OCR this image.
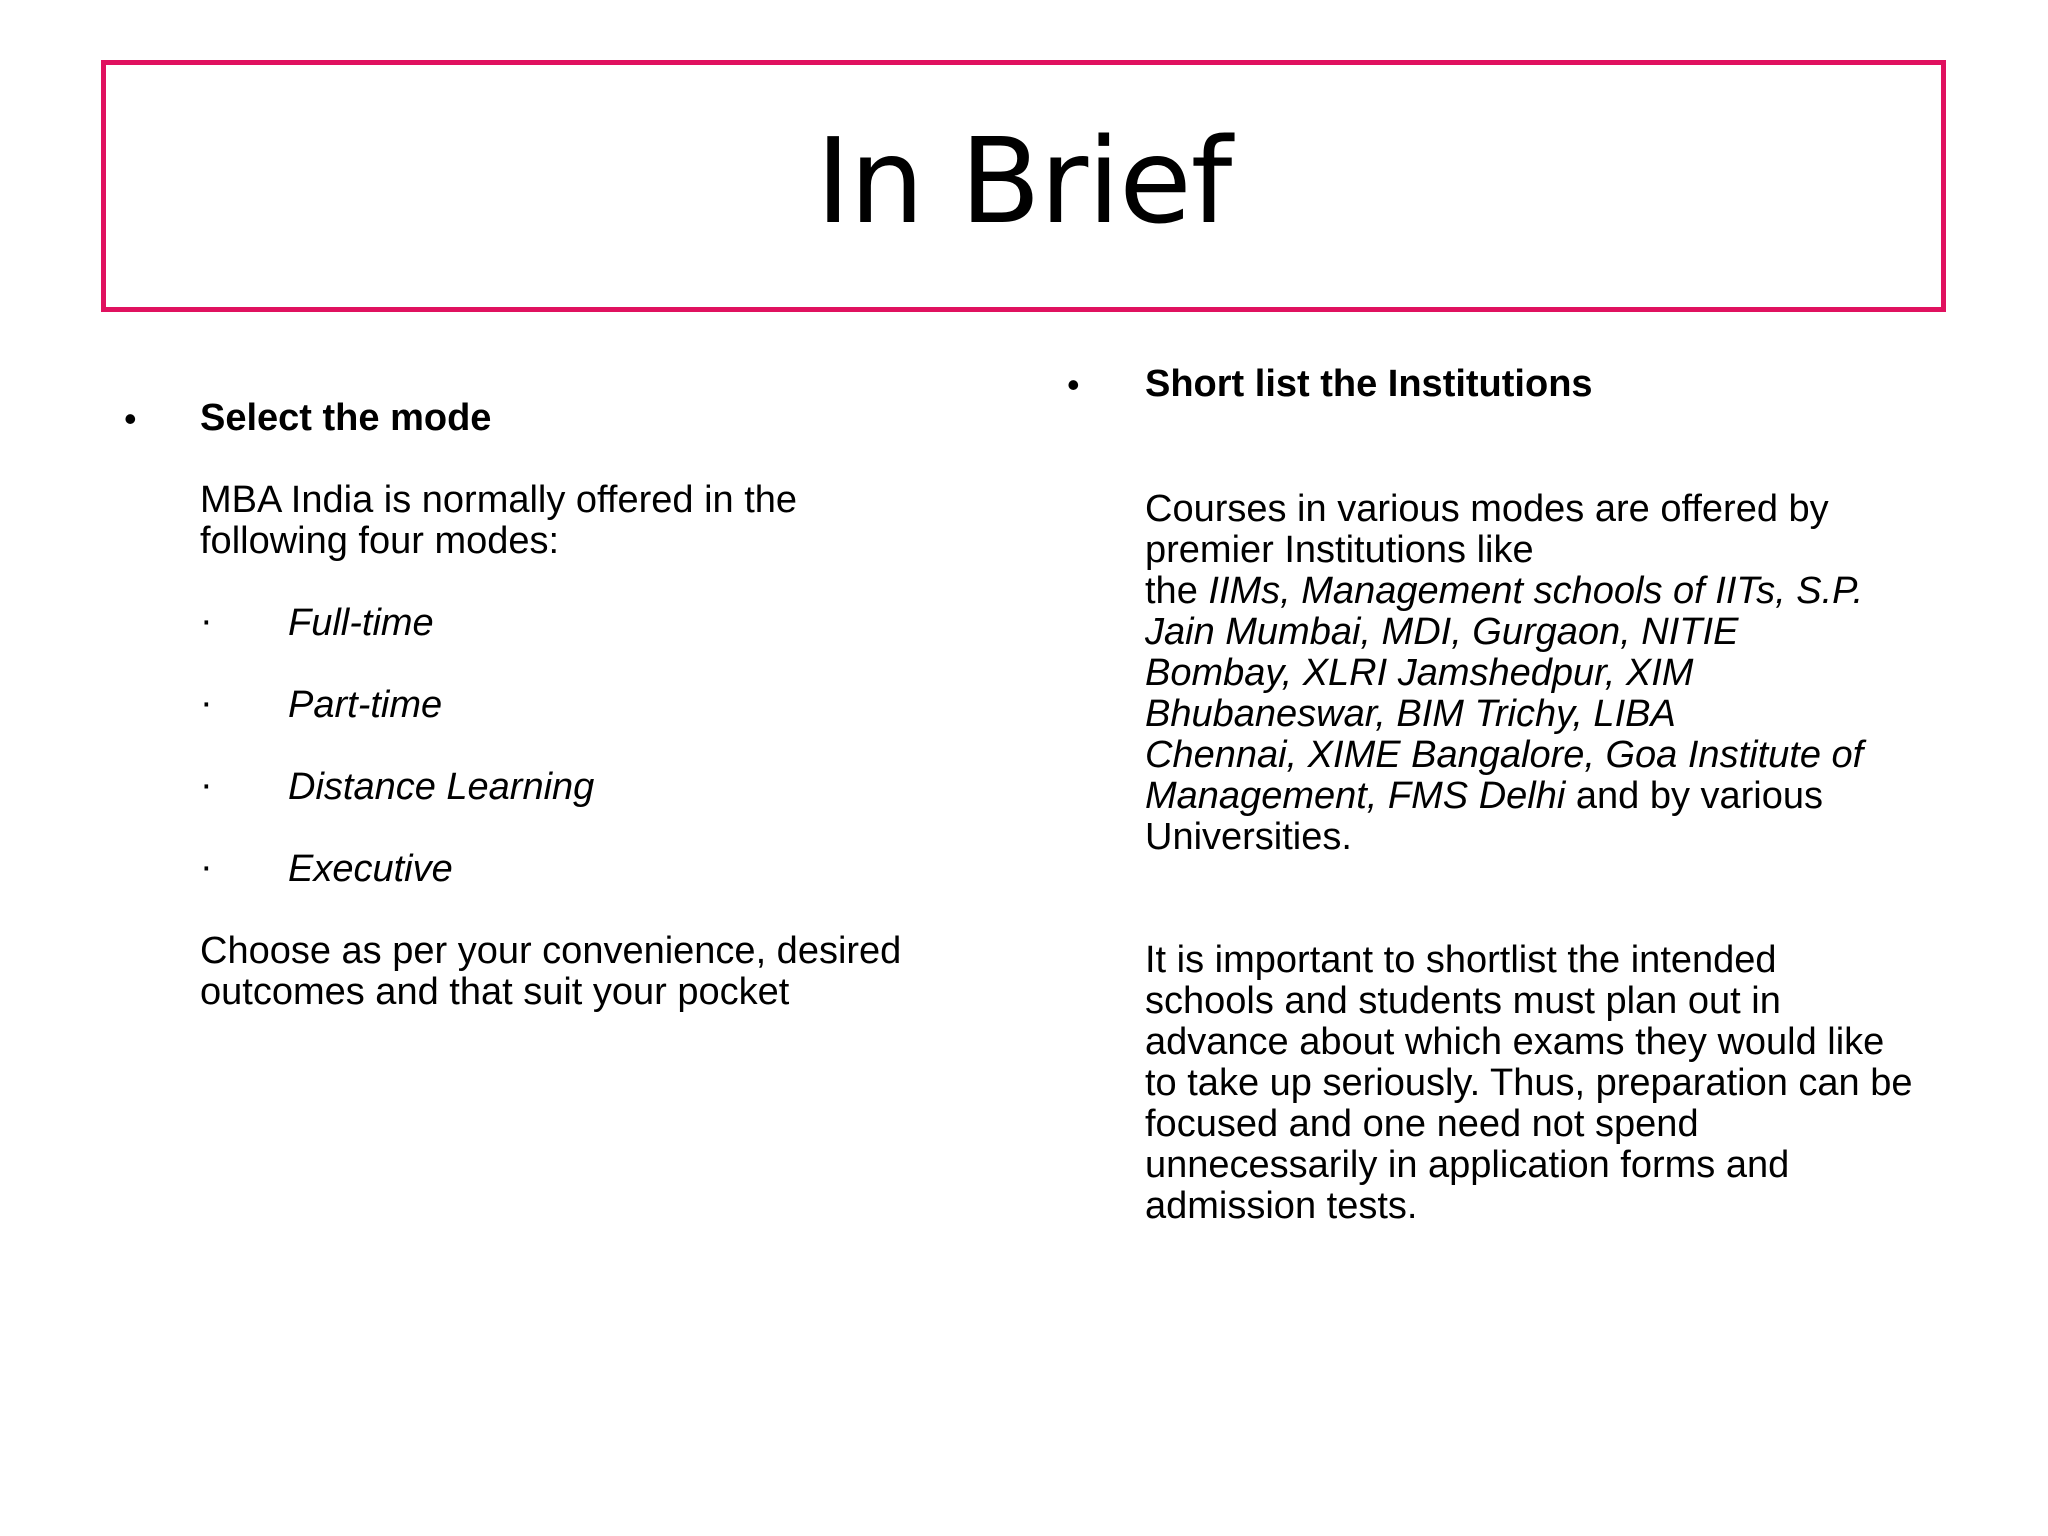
In Brief
• Select the mode

MBA India is normally offered in the

following four modes:

· Full-time
· Part-time
· Distance Learning
· Executive

Choose as per your convenience, desired

outcomes and that suit your pocket

• Short list the Institutions

Courses in various modes are offered by

premier Institutions like

the IIMs, Management schools of IITs, S.P.

Jain Mumbai, MDI, Gurgaon, NITIE

Bombay, XLRI Jamshedpur, XIM

Bhubaneswar, BIM Trichy, LIBA

Chennai, XIME Bangalore, Goa Institute of

Management, FMS Delhi and by various

Universities.

It is important to shortlist the intended

schools and students must plan out in

advance about which exams they would like

to take up seriously. Thus, preparation can be

focused and one need not spend

unnecessarily in application forms and

admission tests.
